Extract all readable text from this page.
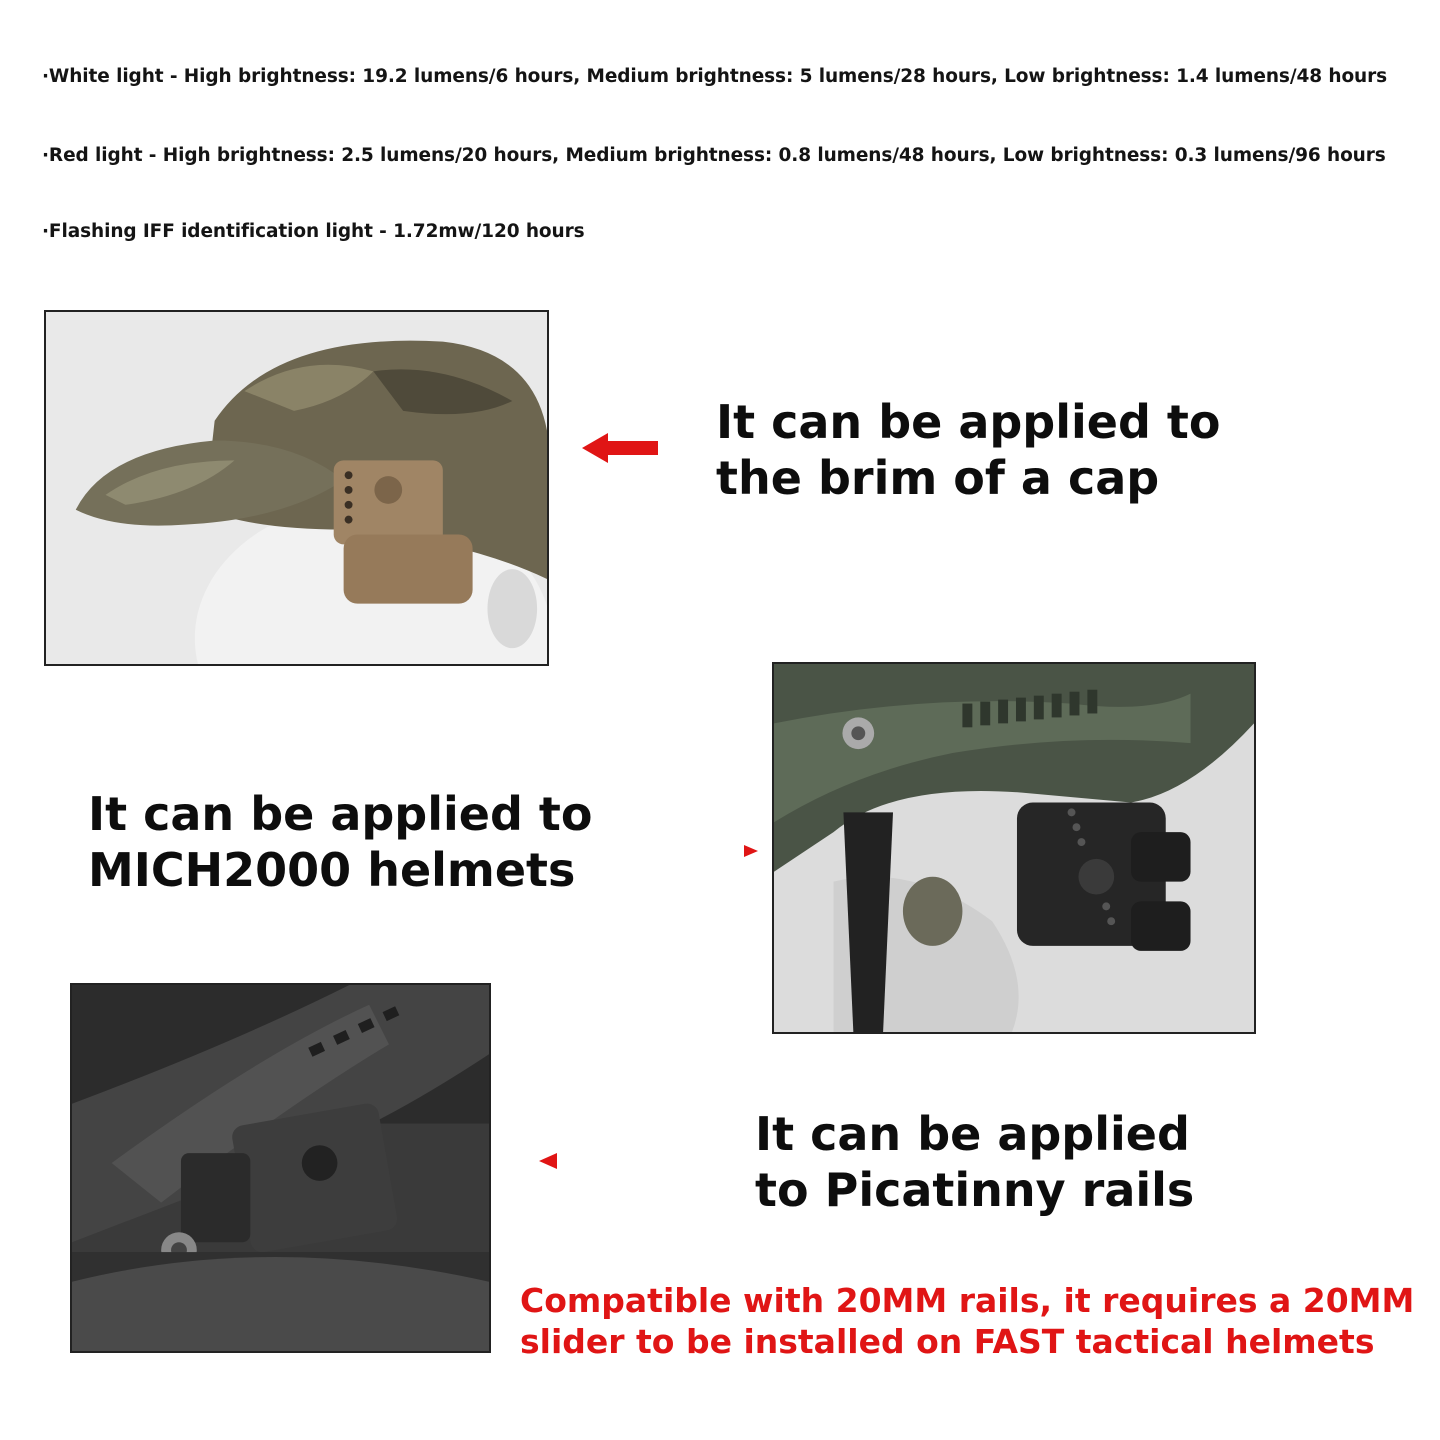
·White light - High brightness: 19.2 lumens/6 hours, Medium brightness: 5 lumens/28 hours, Low brightness: 1.4 lumens/48 hours
·Red light - High brightness: 2.5 lumens/20 hours, Medium brightness: 0.8 lumens/48 hours, Low brightness: 0.3 lumens/96 hours
·Flashing IFF identification light - 1.72mw/120 hours
It can be applied to
the brim of a cap
It can be applied to
MICH2000 helmets
It can be applied
to Picatinny rails
Compatible with 20MM rails, it requires a 20MM
slider to be installed on FAST tactical helmets
